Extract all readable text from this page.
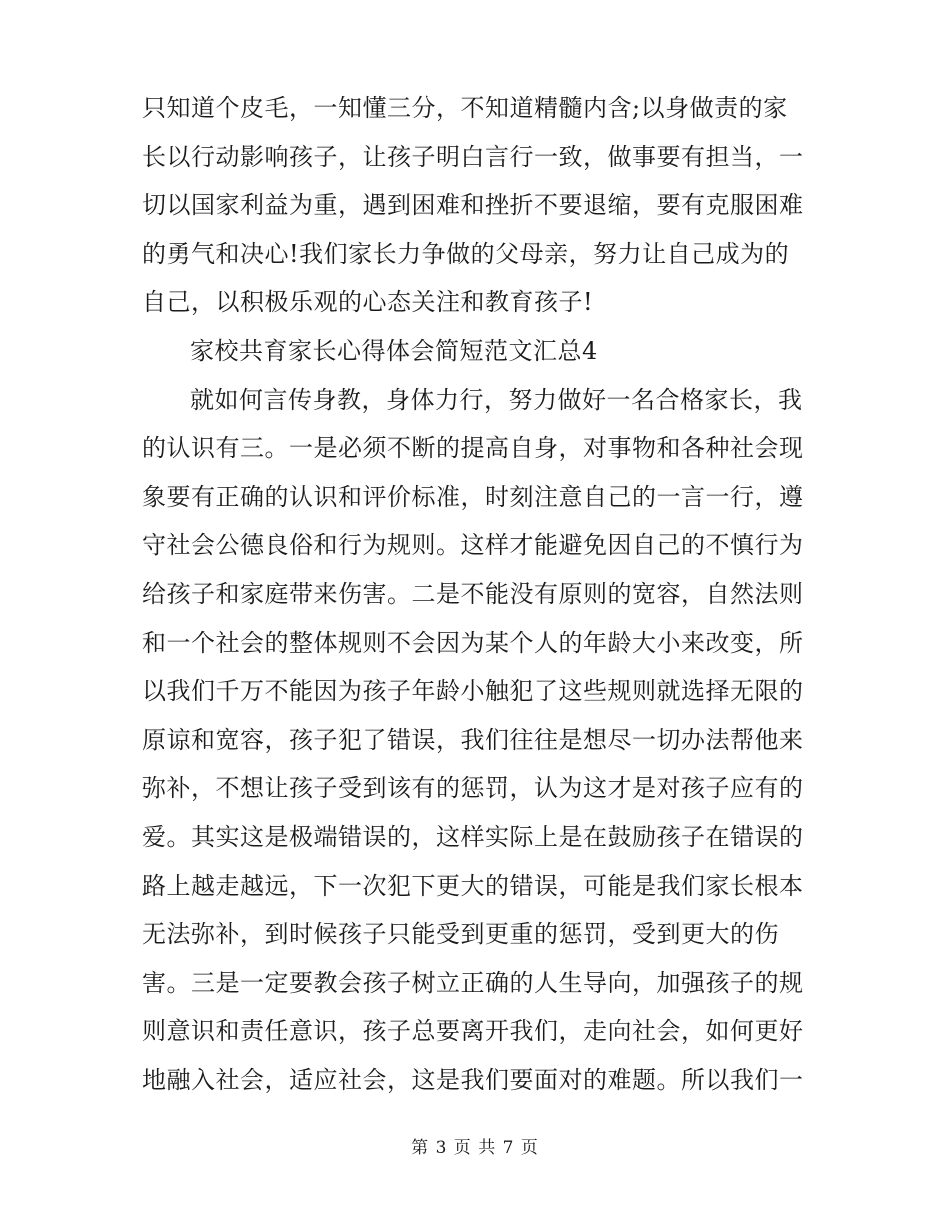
只知道个皮毛，一知懂三分，不知道精髓内含;以身做责的家
长以行动影响孩子，让孩子明白言行一致，做事要有担当，一
切以国家利益为重，遇到困难和挫折不要退缩，要有克服困难
的勇气和决心!我们家长力争做的父母亲，努力让自己成为的
自己，以积极乐观的心态关注和教育孩子!
家校共育家长心得体会简短范文汇总4
就如何言传身教，身体力行，努力做好一名合格家长，我
的认识有三。一是必须不断的提高自身，对事物和各种社会现
象要有正确的认识和评价标准，时刻注意自己的一言一行，遵
守社会公德良俗和行为规则。这样才能避免因自己的不慎行为
给孩子和家庭带来伤害。二是不能没有原则的宽容，自然法则
和一个社会的整体规则不会因为某个人的年龄大小来改变，所
以我们千万不能因为孩子年龄小触犯了这些规则就选择无限的
原谅和宽容，孩子犯了错误，我们往往是想尽一切办法帮他来
弥补，不想让孩子受到该有的惩罚，认为这才是对孩子应有的
爱。其实这是极端错误的，这样实际上是在鼓励孩子在错误的
路上越走越远，下一次犯下更大的错误，可能是我们家长根本
无法弥补，到时候孩子只能受到更重的惩罚，受到更大的伤
害。三是一定要教会孩子树立正确的人生导向，加强孩子的规
则意识和责任意识，孩子总要离开我们，走向社会，如何更好
地融入社会，适应社会，这是我们要面对的难题。所以我们一
第 3 页 共 7 页
